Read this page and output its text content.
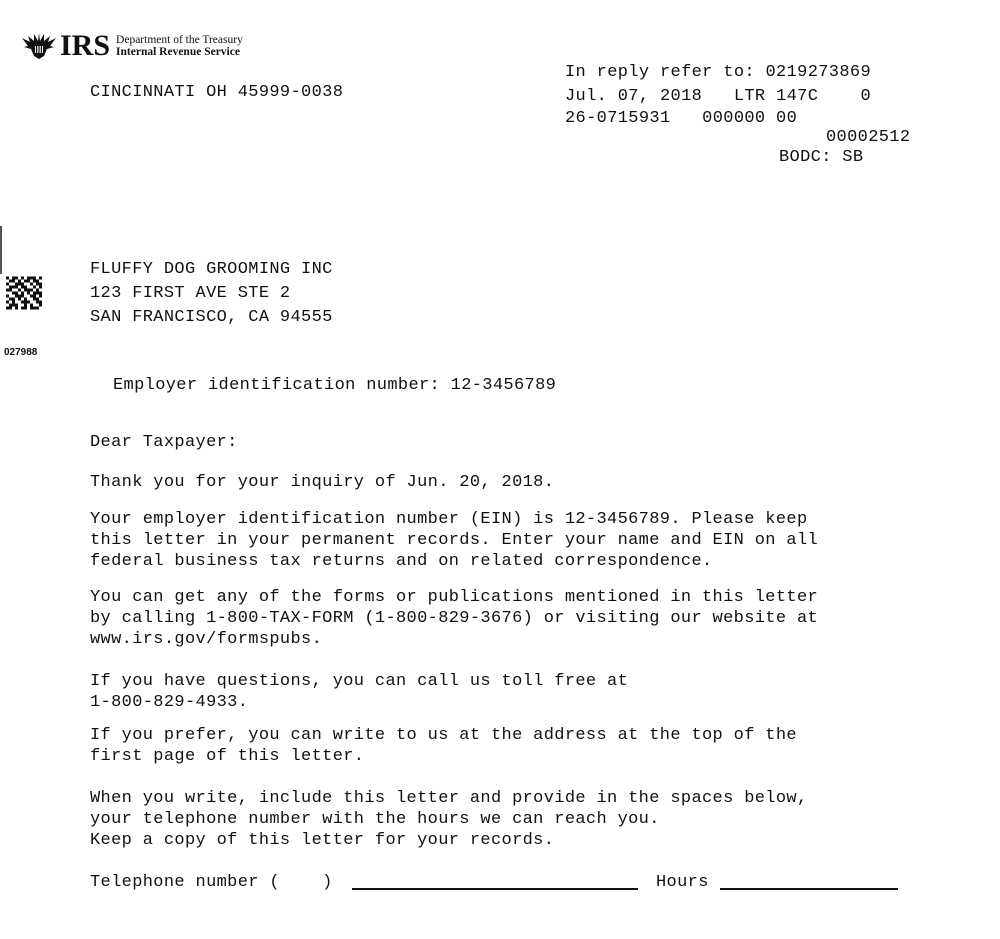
IRS Department of the Treasury
Internal Revenue Service
CINCINNATI OH 45999-0038
In reply refer to: 0219273869
Jul. 07, 2018   LTR 147C    0
26-0715931   000000 00
00002512
BODC: SB
027988
FLUFFY DOG GROOMING INC
123 FIRST AVE STE 2
SAN FRANCISCO, CA 94555
Employer identification number: 12-3456789
Dear Taxpayer:
Thank you for your inquiry of Jun. 20, 2018.
Your employer identification number (EIN) is 12-3456789. Please keep
this letter in your permanent records. Enter your name and EIN on all
federal business tax returns and on related correspondence.
You can get any of the forms or publications mentioned in this letter
by calling 1-800-TAX-FORM (1-800-829-3676) or visiting our website at
www.irs.gov/formspubs.
If you have questions, you can call us toll free at
1-800-829-4933.
If you prefer, you can write to us at the address at the top of the
first page of this letter.
When you write, include this letter and provide in the spaces below,
your telephone number with the hours we can reach you.
Keep a copy of this letter for your records.
Telephone number (    )	Hours
